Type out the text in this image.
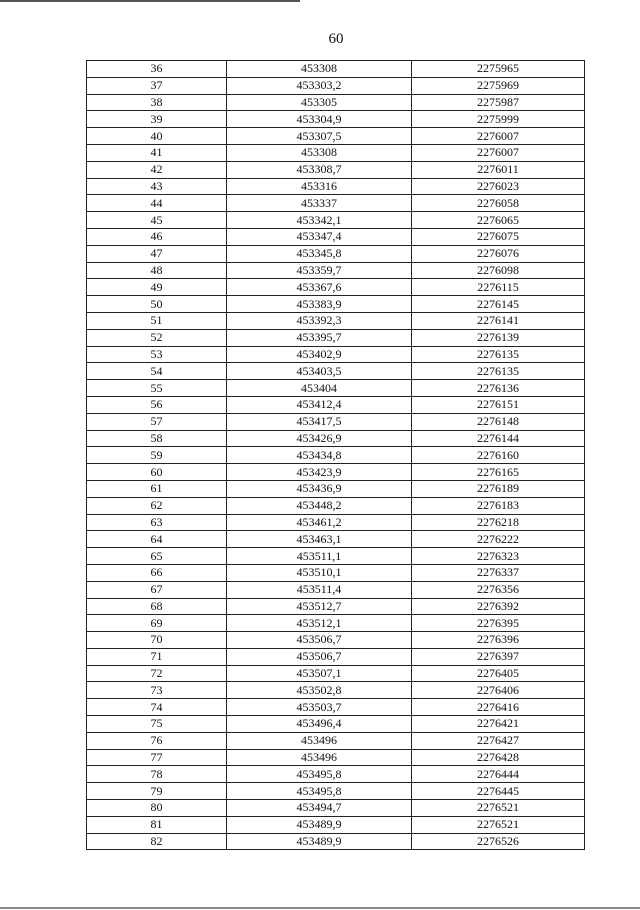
60
36	453308	2275965
37	453303,2	2275969
38	453305	2275987
39	453304,9	2275999
40	453307,5	2276007
41	453308	2276007
42	453308,7	2276011
43	453316	2276023
44	453337	2276058
45	453342,1	2276065
46	453347,4	2276075
47	453345,8	2276076
48	453359,7	2276098
49	453367,6	2276115
50	453383,9	2276145
51	453392,3	2276141
52	453395,7	2276139
53	453402,9	2276135
54	453403,5	2276135
55	453404	2276136
56	453412,4	2276151
57	453417,5	2276148
58	453426,9	2276144
59	453434,8	2276160
60	453423,9	2276165
61	453436,9	2276189
62	453448,2	2276183
63	453461,2	2276218
64	453463,1	2276222
65	453511,1	2276323
66	453510,1	2276337
67	453511,4	2276356
68	453512,7	2276392
69	453512,1	2276395
70	453506,7	2276396
71	453506,7	2276397
72	453507,1	2276405
73	453502,8	2276406
74	453503,7	2276416
75	453496,4	2276421
76	453496	2276427
77	453496	2276428
78	453495,8	2276444
79	453495,8	2276445
80	453494,7	2276521
81	453489,9	2276521
82	453489,9	2276526
